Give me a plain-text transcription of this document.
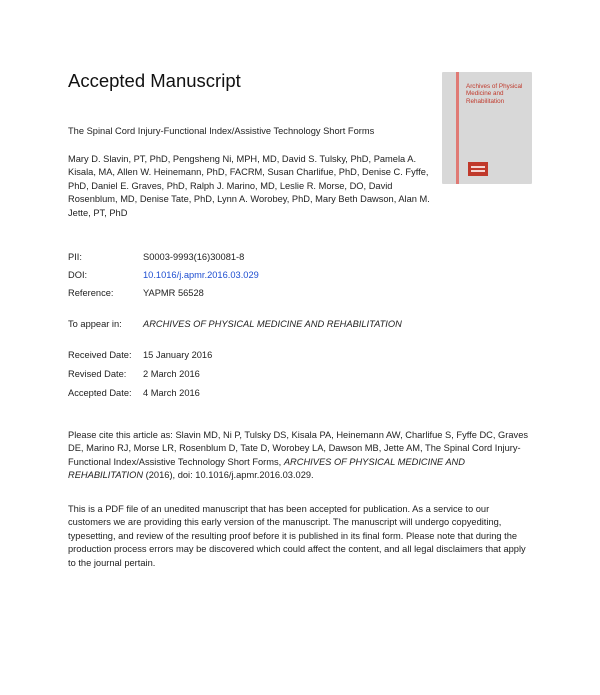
Accepted Manuscript	Archives of Physical Medicine and Rehabilitation
The Spinal Cord Injury-Functional Index/Assistive Technology Short Forms
Mary D. Slavin, PT, PhD, Pengsheng Ni, MPH, MD, David S. Tulsky, PhD, Pamela A. Kisala, MA, Allen W. Heinemann, PhD, FACRM, Susan Charlifue, PhD, Denise C. Fyffe, PhD, Daniel E. Graves, PhD, Ralph J. Marino, MD, Leslie R. Morse, DO, David Rosenblum, MD, Denise Tate, PhD, Lynn A. Worobey, PhD, Mary Beth Dawson, Alan M. Jette, PT, PhD
PII:	S0003-9993(16)30081-8
DOI:	10.1016/j.apmr.2016.03.029
Reference:	YAPMR 56528
To appear in: ARCHIVES OF PHYSICAL MEDICINE AND REHABILITATION
Received Date: 15 January 2016
Revised Date: 2 March 2016
Accepted Date: 4 March 2016
Please cite this article as: Slavin MD, Ni P, Tulsky DS, Kisala PA, Heinemann AW, Charlifue S, Fyffe DC, Graves DE, Marino RJ, Morse LR, Rosenblum D, Tate D, Worobey LA, Dawson MB, Jette AM, The Spinal Cord Injury-Functional Index/Assistive Technology Short Forms, ARCHIVES OF PHYSICAL MEDICINE AND REHABILITATION (2016), doi: 10.1016/j.apmr.2016.03.029.
This is a PDF file of an unedited manuscript that has been accepted for publication. As a service to our customers we are providing this early version of the manuscript. The manuscript will undergo copyediting, typesetting, and review of the resulting proof before it is published in its final form. Please note that during the production process errors may be discovered which could affect the content, and all legal disclaimers that apply to the journal pertain.
